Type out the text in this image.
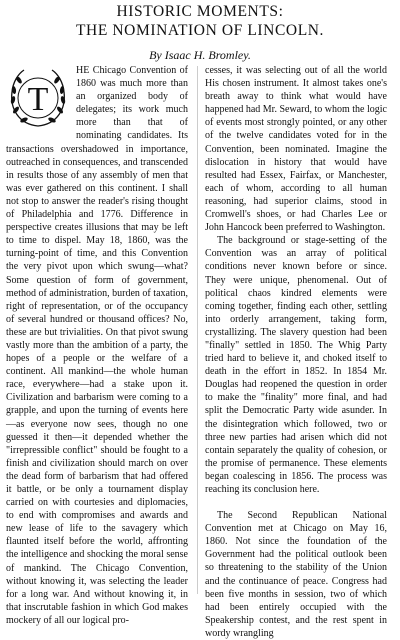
HISTORIC MOMENTS:
THE NOMINATION OF LINCOLN.
By Isaac H. Bromley.
T

HE Chicago Convention of 1860 was much more than an organized body of delegates; its work much more than that of nominating candidates. Its transactions overshadowed in importance, outreached in consequences, and transcended in results those of any assembly of men that was ever gathered on this continent. I shall not stop to answer the reader's rising thought of Philadelphia and 1776. Difference in perspective creates illusions that may be left to time to dispel. May 18, 1860, was the turning-point of time, and this Convention the very pivot upon which swung—what? Some question of form of government, method of administration, burden of taxation, right of representation, or of the occupancy of several hundred or thousand offices? No, these are but trivialities. On that pivot swung vastly more than the ambition of a party, the hopes of a people or the welfare of a continent. All mankind—the whole human race, everywhere—had a stake upon it. Civilization and barbarism were coming to a grapple, and upon the turning of events here—as everyone now sees, though no one guessed it then—it depended whether the "irrepressible conflict" should be fought to a finish and civilization should march on over the dead form of barbarism that had offered it battle, or be only a tournament display carried on with courtesies and diplomacies, to end with compromises and awards and new lease of life to the savagery which flaunted itself before the world, affronting the intelligence and shocking the moral sense of mankind. The Chicago Convention, without knowing it, was selecting the leader for a long war. And without knowing it, in that inscrutable fashion in which God makes mockery of all our logical pro-

cesses, it was selecting out of all the world His chosen instrument. It almost takes one's breath away to think what would have happened had Mr. Seward, to whom the logic of events most strongly pointed, or any other of the twelve candidates voted for in the Convention, been nominated. Imagine the dislocation in history that would have resulted had Essex, Fairfax, or Manchester, each of whom, according to all human reasoning, had superior claims, stood in Cromwell's shoes, or had Charles Lee or John Hancock been preferred to Washington.

The background or stage-setting of the Convention was an array of political conditions never known before or since. They were unique, phenomenal. Out of political chaos kindred elements were coming together, finding each other, settling into orderly arrangement, taking form, crystallizing. The slavery question had been "finally" settled in 1850. The Whig Party tried hard to believe it, and choked itself to death in the effort in 1852. In 1854 Mr. Douglas had reopened the question in order to make the "finality" more final, and had split the Democratic Party wide asunder. In the disintegration which followed, two or three new parties had arisen which did not contain separately the quality of cohesion, or the promise of permanence. These elements began coalescing in 1856. The process was reaching its conclusion here.

The Second Republican National Convention met at Chicago on May 16, 1860. Not since the foundation of the Government had the political outlook been so threatening to the stability of the Union and the continuance of peace. Congress had been five months in session, two of which had been entirely occupied with the Speakership contest, and the rest spent in wordy wrangling
